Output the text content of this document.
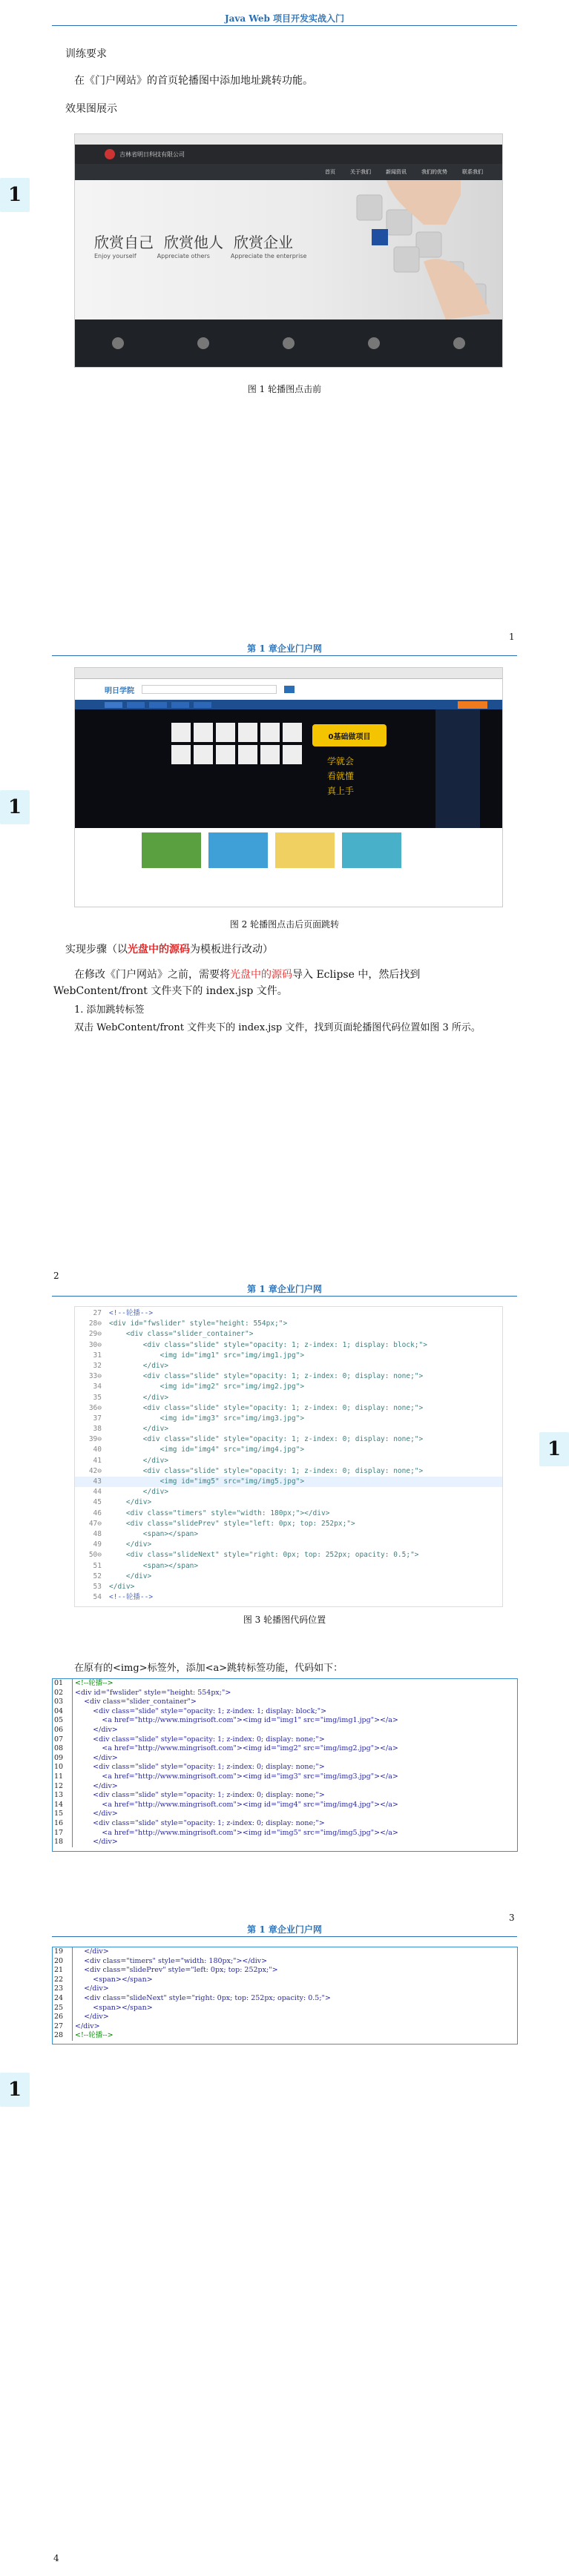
Java Web 项目开发实战入门
训练要求
在《门户网站》的首页轮播图中添加地址跳转功能。
效果图展示
1
吉林省明日科技有限公司
首页	关于我们	新闻资讯	我们的优势	联系我们
欣赏自己 欣赏他人 欣赏企业
Enjoy yourself	Appreciate others	Appreciate the enterprise
图 1 轮播图点击前
1
第 1 章企业门户网
1
明日学院
0基础做项目
学就会
看就懂
真上手
图 2 轮播图点击后页面跳转
实现步骤（以光盘中的源码为模板进行改动）
在修改《门户网站》之前，需要将光盘中的源码导入 Eclipse 中，然后找到 WebContent/front 文件夹下的 index.jsp 文件。
1. 添加跳转标签
双击 WebContent/front 文件夹下的 index.jsp 文件，找到页面轮播图代码位置如图 3 所示。
2
第 1 章企业门户网
1
27 <!--轮播-->
28⊖ <div id="fwslider" style="height: 554px;">
29⊖ <div class="slider_container">
30⊖ <div class="slide" style="opacity: 1; z-index: 1; display: block;">
31 <img id="img1" src="img/img1.jpg">
32 </div>
33⊖ <div class="slide" style="opacity: 1; z-index: 0; display: none;">
34 <img id="img2" src="img/img2.jpg">
35 </div>
36⊖ <div class="slide" style="opacity: 1; z-index: 0; display: none;">
37 <img id="img3" src="img/img3.jpg">
38 </div>
39⊖ <div class="slide" style="opacity: 1; z-index: 0; display: none;">
40 <img id="img4" src="img/img4.jpg">
41 </div>
42⊖ <div class="slide" style="opacity: 1; z-index: 0; display: none;">
43 <img id="img5" src="img/img5.jpg">
44 </div>
45 </div>
46 <div class="timers" style="width: 180px;"></div>
47⊖ <div class="slidePrev" style="left: 0px; top: 252px;">
48 <span></span>
49 </div>
50⊖ <div class="slideNext" style="right: 0px; top: 252px; opacity: 0.5;">
51 <span></span>
52 </div>
53 </div>
54 <!--轮播-->
图 3 轮播图代码位置
在原有的<img>标签外，添加<a>跳转标签功能，代码如下：
01	<!--轮播-->
02	<div id="fwslider" style="height: 554px;">
03	<div class="slider_container">
04	<div class="slide" style="opacity: 1; z-index: 1; display: block;">
05	<a href="http://www.mingrisoft.com"><img id="img1" src="img/img1.jpg"></a>
06	</div>
07	<div class="slide" style="opacity: 1; z-index: 0; display: none;">
08	<a href="http://www.mingrisoft.com"><img id="img2" src="img/img2.jpg"></a>
09	</div>
10	<div class="slide" style="opacity: 1; z-index: 0; display: none;">
11	<a href="http://www.mingrisoft.com"><img id="img3" src="img/img3.jpg"></a>
12	</div>
13	<div class="slide" style="opacity: 1; z-index: 0; display: none;">
14	<a href="http://www.mingrisoft.com"><img id="img4" src="img/img4.jpg"></a>
15	</div>
16	<div class="slide" style="opacity: 1; z-index: 0; display: none;">
17	<a href="http://www.mingrisoft.com"><img id="img5" src="img/img5.jpg"></a>
18	</div>
3
第 1 章企业门户网
19	</div>
20	<div class="timers" style="width: 180px;"></div>
21	<div class="slidePrev" style="left: 0px; top: 252px;">
22	<span></span>
23	</div>
24	<div class="slideNext" style="right: 0px; top: 252px; opacity: 0.5;">
25	<span></span>
26	</div>
27	</div>
28	<!--轮播-->
1
4
